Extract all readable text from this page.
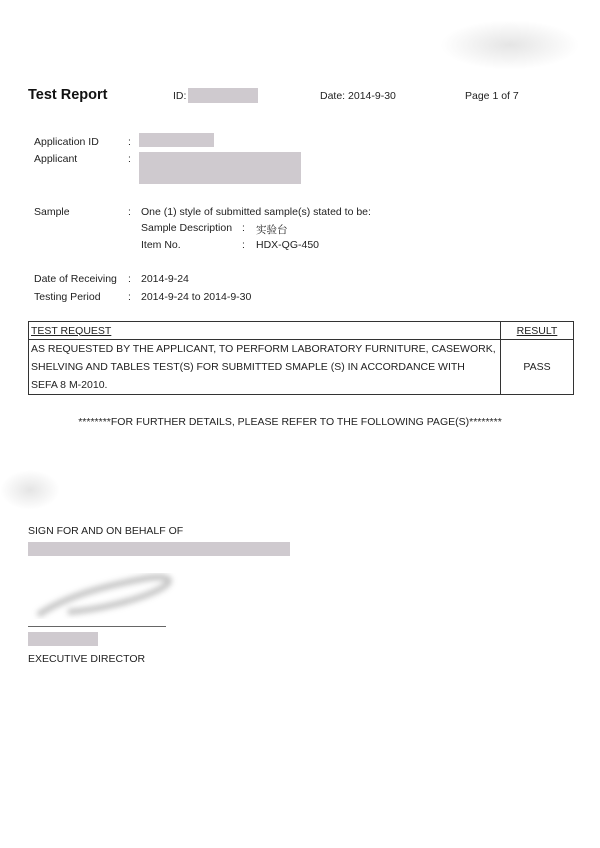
Test Report	ID:	Date: 2014-9-30	Page 1 of 7
Application ID	:
Applicant	:
Sample	: One (1) style of submitted sample(s) stated to be:
Sample Description : 实验台
Item No.	: HDX-QG-450
Date of Receiving : 2014-9-24
Testing Period	: 2014-9-24 to 2014-9-30
TEST REQUEST	RESULT

AS REQUESTED BY THE APPLICANT, TO PERFORM LABORATORY FURNITURE, CASEWORK,
SHELVING AND TABLES TEST(S) FOR SUBMITTED SMAPLE (S) IN ACCORDANCE WITH
SEFA 8 M-2010.	PASS
********FOR FURTHER DETAILS, PLEASE REFER TO THE FOLLOWING PAGE(S)********
SIGN FOR AND ON BEHALF OF
EXECUTIVE DIRECTOR
